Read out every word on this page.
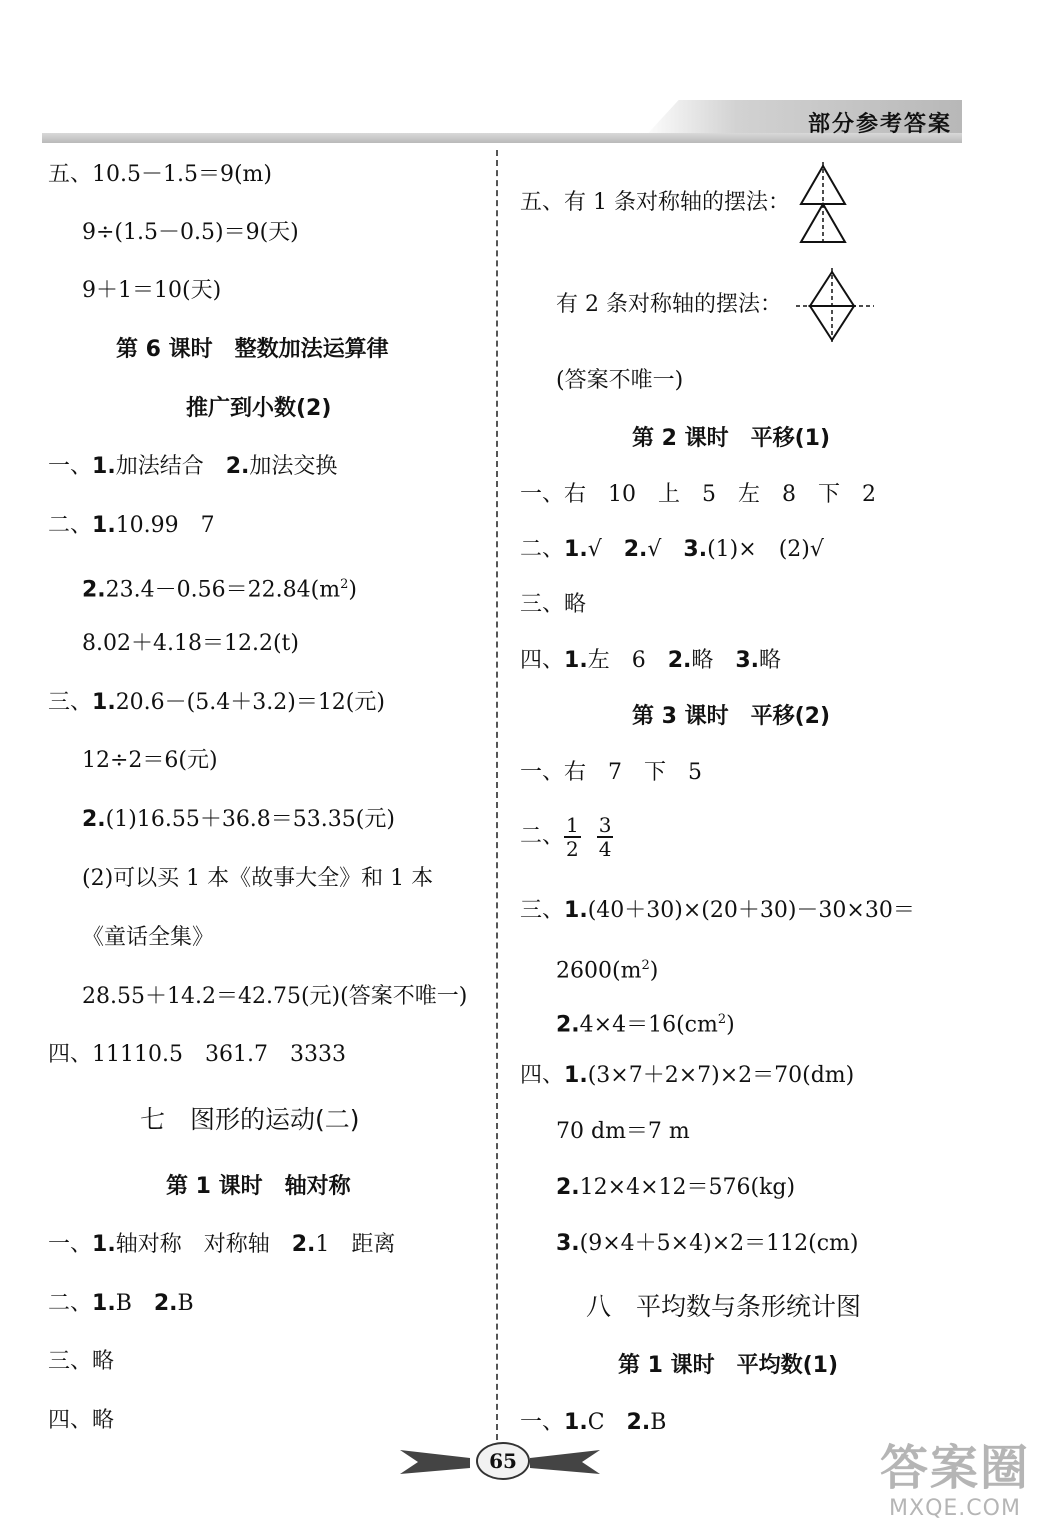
部分参考答案
五、10.5－1.5＝9(m)
9÷(1.5－0.5)＝9(天)
9＋1＝10(天)
第 6 课时　整数加法运算律
推广到小数(2)
一、1.加法结合　2.加法交换
二、1.10.99　7
$2.23.4-0.56=22.84(m^2)$
8.02＋4.18＝12.2(t)
三、1.20.6－(5.4＋3.2)＝12(元)
12÷2＝6(元)
2.(1)16.55＋36.8＝53.35(元)
(2)可以买 1 本《故事大全》和 1 本
《童话全集》
28.55＋14.2＝42.75(元)(答案不唯一)
四、11110.5　361.7　3333
七　图形的运动(二)
第 1 课时　轴对称
一、1.轴对称　对称轴　2.1　距离
二、1.B　2.B
三、略
四、略
五、有 1 条对称轴的摆法：
有 2 条对称轴的摆法：
(答案不唯一)
第 2 课时　平移(1)
一、右　10　上　5　左　8　下　2
二、1.√　2.√　3.(1)×　(2)√
三、略
四、1.左　6　2.略　3.略
第 3 课时　平移(2)
一、右　7　下　5
二、 $\frac{1}{2} \frac{3}{4}$
三、1.(40＋30)×(20＋30)－30×30＝
$2600(m^2)$
$2.4\times 4=16(cm^2)$
四、1.(3×7＋2×7)×2＝70(dm)
70 dm＝7 m
2.12×4×12＝576(kg)
3.(9×4＋5×4)×2＝112(cm)
八　平均数与条形统计图
第 1 课时　平均数(1)
一、1.C　2.B
65	答案圈
MXQE.COM
